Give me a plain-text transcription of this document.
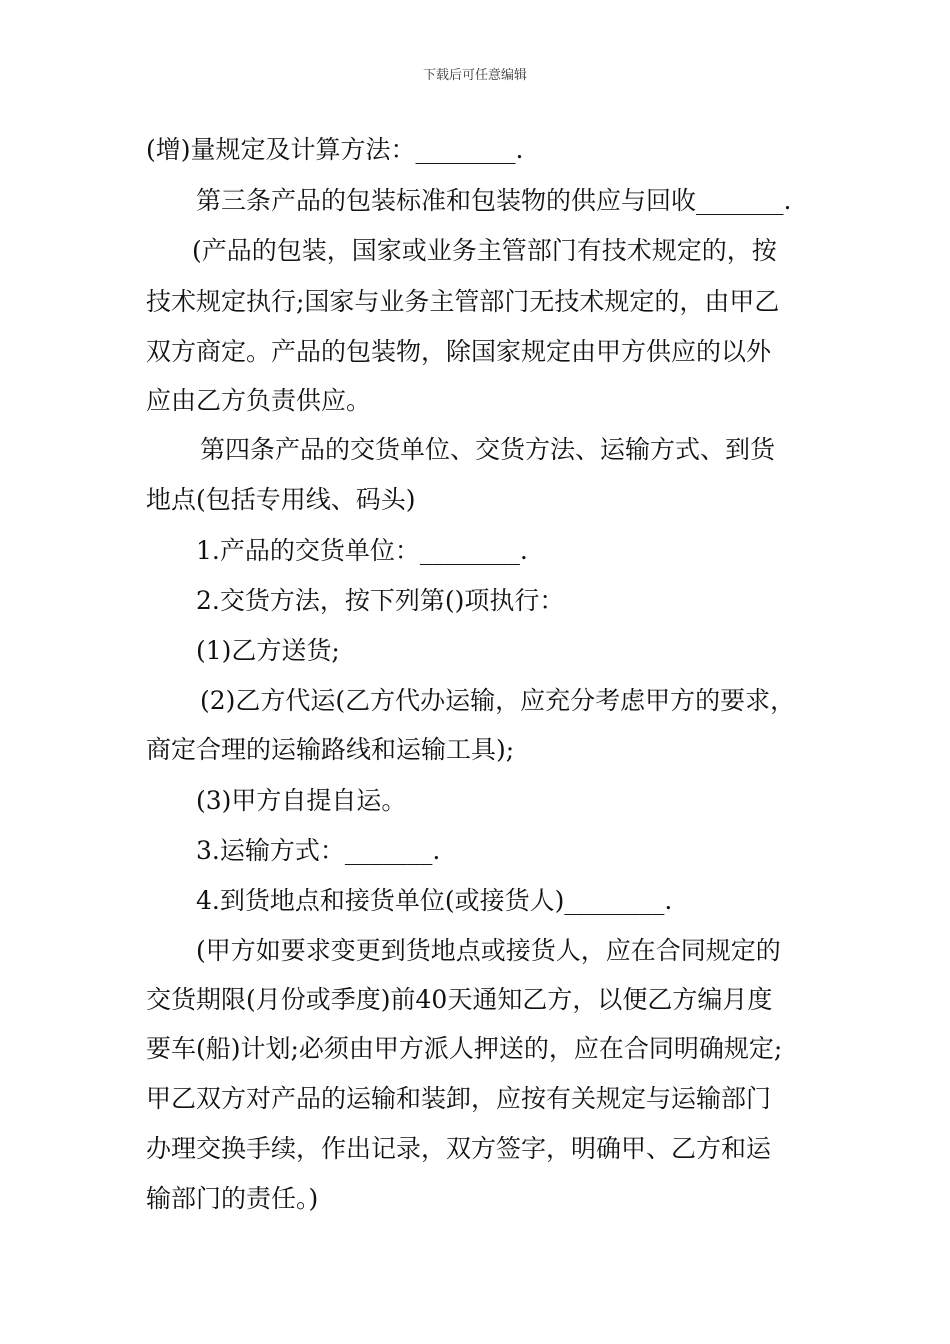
下载后可任意编辑
(增)量规定及计算方法：________.
第三条产品的包装标准和包装物的供应与回收_______.
(产品的包装，国家或业务主管部门有技术规定的，按
技术规定执行;国家与业务主管部门无技术规定的，由甲乙
双方商定。产品的包装物，除国家规定由甲方供应的以外
应由乙方负责供应。
第四条产品的交货单位、交货方法、运输方式、到货
地点(包括专用线、码头)
1.产品的交货单位：________.
2.交货方法，按下列第()项执行：
(1)乙方送货;
(2)乙方代运(乙方代办运输，应充分考虑甲方的要求，
商定合理的运输路线和运输工具);
(3)甲方自提自运。
3.运输方式：_______.
4.到货地点和接货单位(或接货人)________.
(甲方如要求变更到货地点或接货人，应在合同规定的
交货期限(月份或季度)前40天通知乙方，以便乙方编月度
要车(船)计划;必须由甲方派人押送的，应在合同明确规定;
甲乙双方对产品的运输和装卸，应按有关规定与运输部门
办理交换手续，作出记录，双方签字，明确甲、乙方和运
输部门的责任。)
